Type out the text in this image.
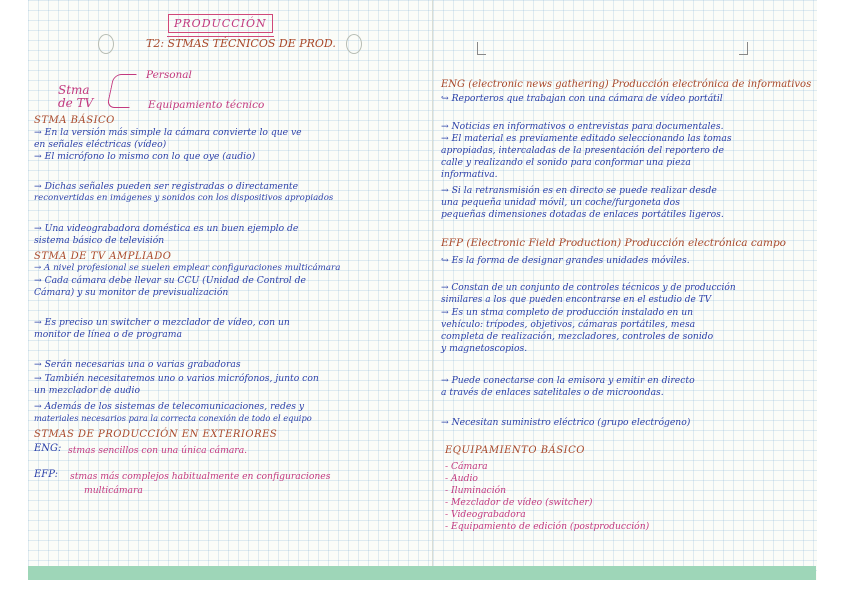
PRODUCCIÓN
T2: STMAS TÉCNICOS DE PROD.
Stma de TV
Personal
Equipamiento técnico
STMA BÁSICO
→ En la versión más simple la cámara convierte lo que ve
en señales eléctricas (vídeo)
→ El micrófono lo mismo con lo que oye (audio)
→ Dichas señales pueden ser registradas o directamente
reconvertidas en imágenes y sonidos con los dispositivos apropiados
→ Una videograbadora doméstica es un buen ejemplo de
sistema básico de televisión
STMA DE TV AMPLIADO
→ A nivel profesional se suelen emplear configuraciones multicámara
→ Cada cámara debe llevar su CCU (Unidad de Control de
Cámara) y su monitor de previsualización
→ Es preciso un switcher o mezclador de vídeo, con un
monitor de línea o de programa
→ Serán necesarias una o varias grabadoras
→ También necesitaremos uno o varios micrófonos, junto con
un mezclador de audio
→ Además de los sistemas de telecomunicaciones, redes y
materiales necesarios para la correcta conexión de todo el equipo
STMAS DE PRODUCCIÓN EN EXTERIORES
ENG: stmas sencillos con una única cámara.
EFP: stmas más complejos habitualmente en configuraciones
multicámara
ENG (electronic news gathering) Producción electrónica de informativos
↪ Reporteros que trabajan con una cámara de vídeo portátil
→ Noticias en informativos o entrevistas para documentales.
→ El material es previamente editado seleccionando las tomas
apropiadas, intercaladas de la presentación del reportero de
calle y realizando el sonido para conformar una pieza
informativa.
→ Si la retransmisión es en directo se puede realizar desde
una pequeña unidad móvil, un coche/furgoneta dos
pequeñas dimensiones dotadas de enlaces portátiles ligeros.
EFP (Electronic Field Production) Producción electrónica campo
↪ Es la forma de designar grandes unidades móviles.
→ Constan de un conjunto de controles técnicos y de producción
similares a los que pueden encontrarse en el estudio de TV
→ Es un stma completo de producción instalado en un
vehículo: trípodes, objetivos, cámaras portátiles, mesa
completa de realización, mezcladores, controles de sonido
y magnetoscopios.
→ Puede conectarse con la emisora y emitir en directo
a través de enlaces satelitales o de microondas.
→ Necesitan suministro eléctrico (grupo electrógeno)
EQUIPAMIENTO BÁSICO
- Cámara
- Audio
- Iluminación
- Mezclador de vídeo (switcher)
- Videograbadora
- Equipamiento de edición (postproducción)
